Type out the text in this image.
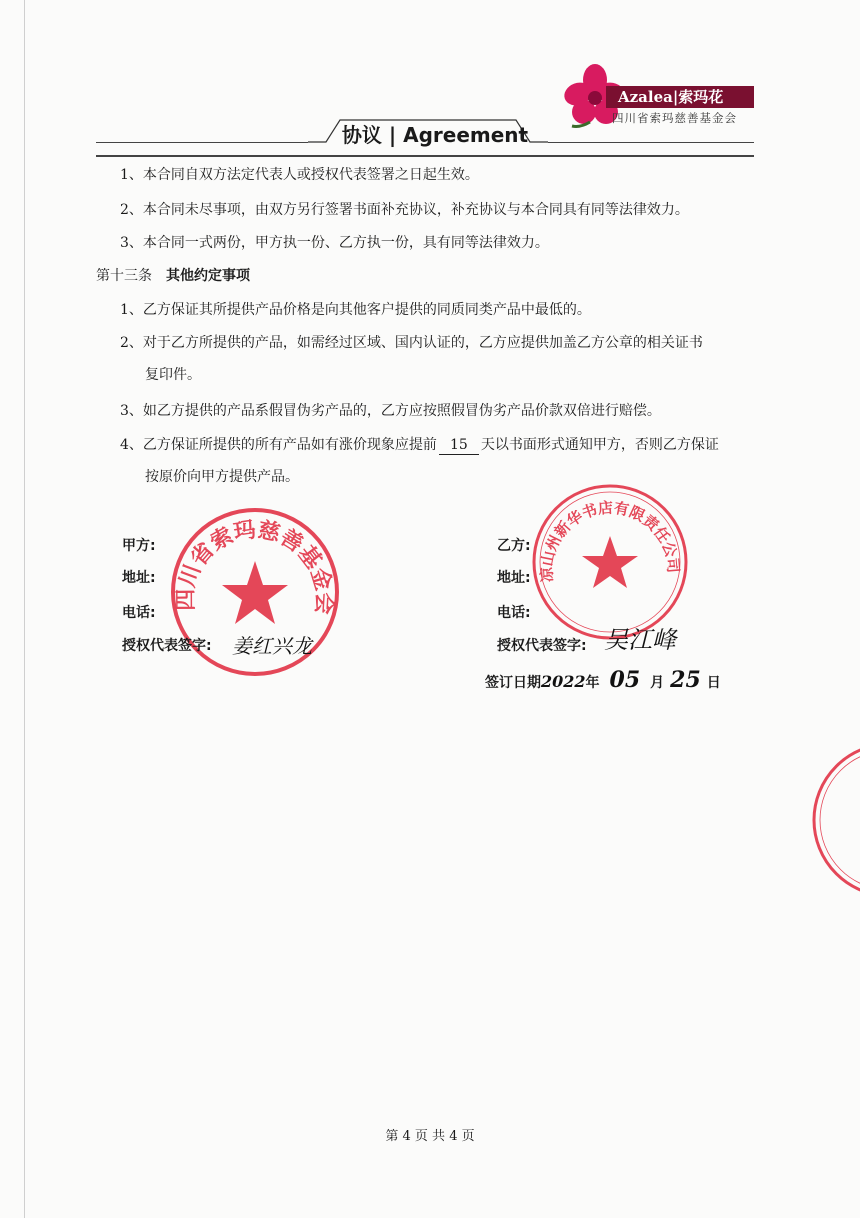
Azalea|索玛花
四川省索玛慈善基金会
协议 | Agreement
1、本合同自双方法定代表人或授权代表签署之日起生效。
2、本合同未尽事项，由双方另行签署书面补充协议，补充协议与本合同具有同等法律效力。
3、本合同一式两份，甲方执一份、乙方执一份，具有同等法律效力。
第十三条 其他约定事项
1、乙方保证其所提供产品价格是向其他客户提供的同质同类产品中最低的。
2、对于乙方所提供的产品，如需经过区域、国内认证的，乙方应提供加盖乙方公章的相关证书
复印件。
3、如乙方提供的产品系假冒伪劣产品的，乙方应按照假冒伪劣产品价款双倍进行赔偿。
4、乙方保证所提供的所有产品如有涨价现象应提前 15 天以书面形式通知甲方，否则乙方保证
按原价向甲方提供产品。
四川省索玛慈善基金会
凉山州新华书店有限责任公司
甲方:
地址:
电话:
授权代表签字: 姜红兴龙
乙方:
地址:
电话:
授权代表签字: 吴江峰
签订日期2022年 05 月 25 日
第 4 页 共 4 页
